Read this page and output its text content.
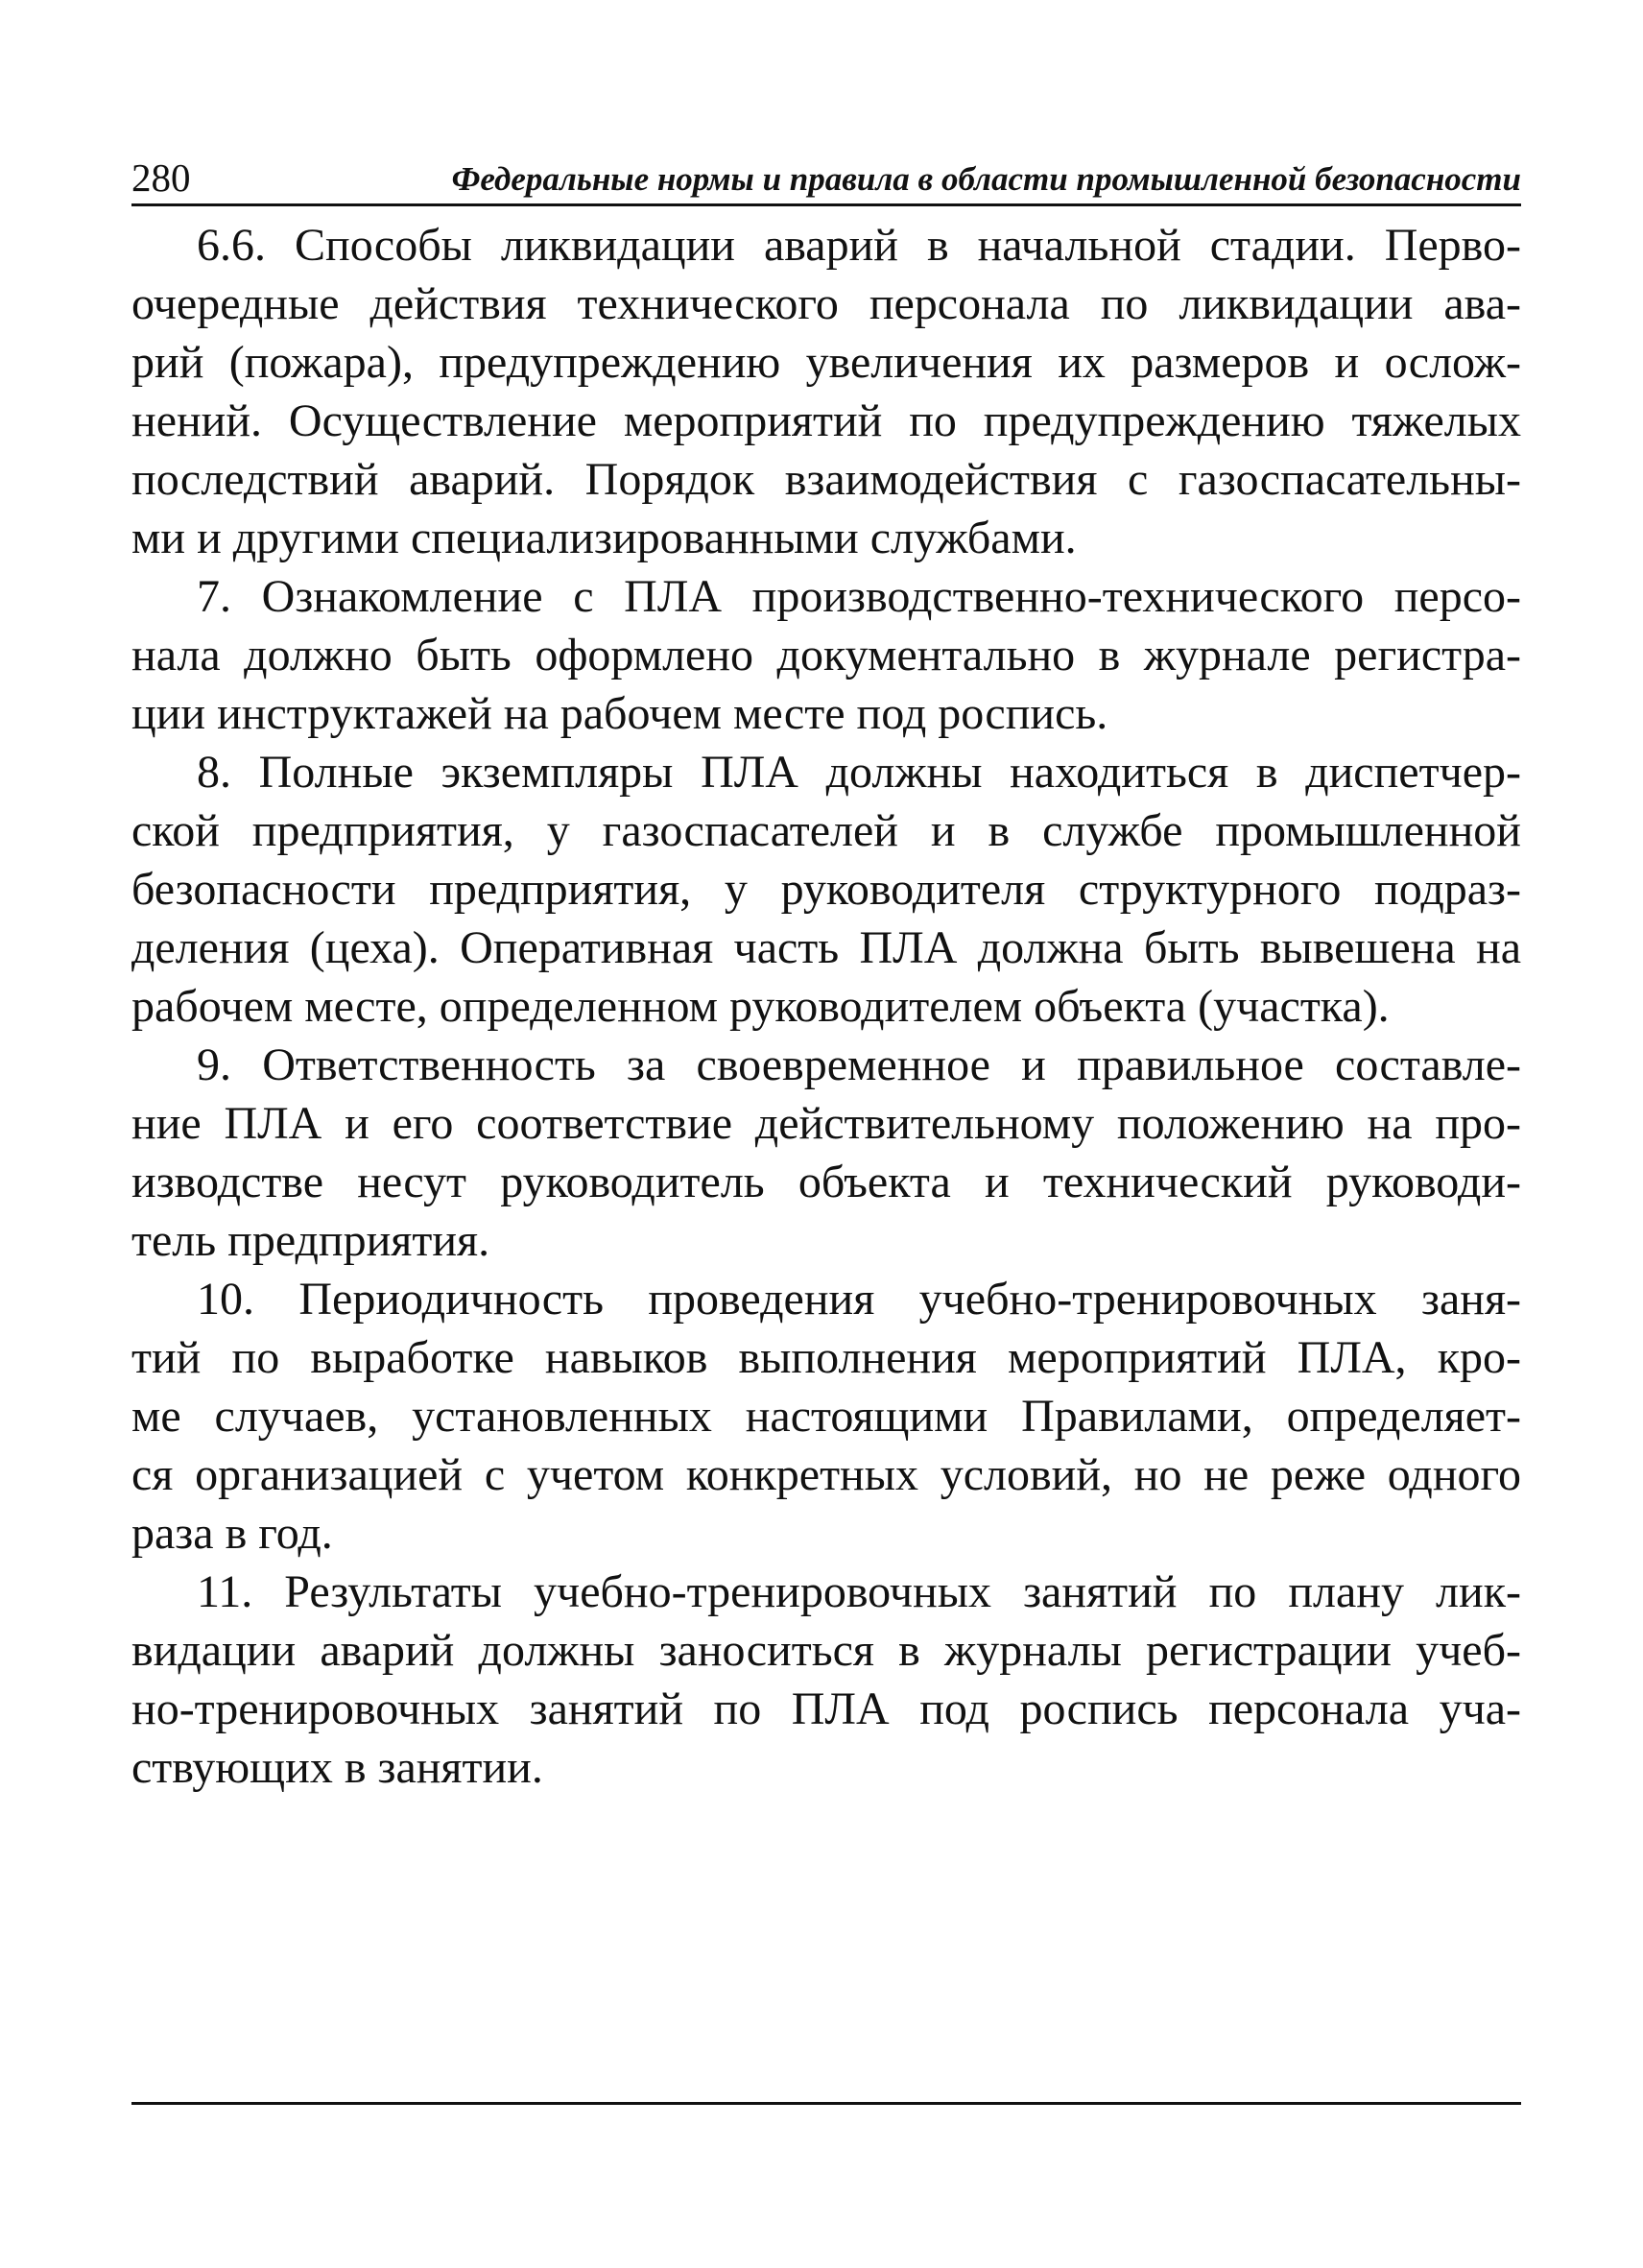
280	Федеральные нормы и правила в области промышленной безопасности

6.6. Способы ликвидации аварий в начальной стадии. Перво-
очередные действия технического персонала по ликвидации ава-
рий (пожара), предупреждению увеличения их размеров и ослож-
нений. Осуществление мероприятий по предупреждению тяжелых
последствий аварий. Порядок взаимодействия с газоспасательны-
ми и другими специализированными службами.

7. Ознакомление с ПЛА производственно-технического персо-
нала должно быть оформлено документально в журнале регистра-
ции инструктажей на рабочем месте под роспись.

8. Полные экземпляры ПЛА должны находиться в диспетчер-
ской предприятия, у газоспасателей и в службе промышленной
безопасности предприятия, у руководителя структурного подраз-
деления (цеха). Оперативная часть ПЛА должна быть вывешена на
рабочем месте, определенном руководителем объекта (участка).

9. Ответственность за своевременное и правильное составле-
ние ПЛА и его соответствие действительному положению на про-
изводстве несут руководитель объекта и технический руководи-
тель предприятия.

10. Периодичность проведения учебно-тренировочных заня-
тий по выработке навыков выполнения мероприятий ПЛА, кро-
ме случаев, установленных настоящими Правилами, определяет-
ся организацией с учетом конкретных условий, но не реже одного
раза в год.

11. Результаты учебно-тренировочных занятий по плану лик-
видации аварий должны заноситься в журналы регистрации учеб-
но-тренировочных занятий по ПЛА под роспись персонала уча-
ствующих в занятии.
